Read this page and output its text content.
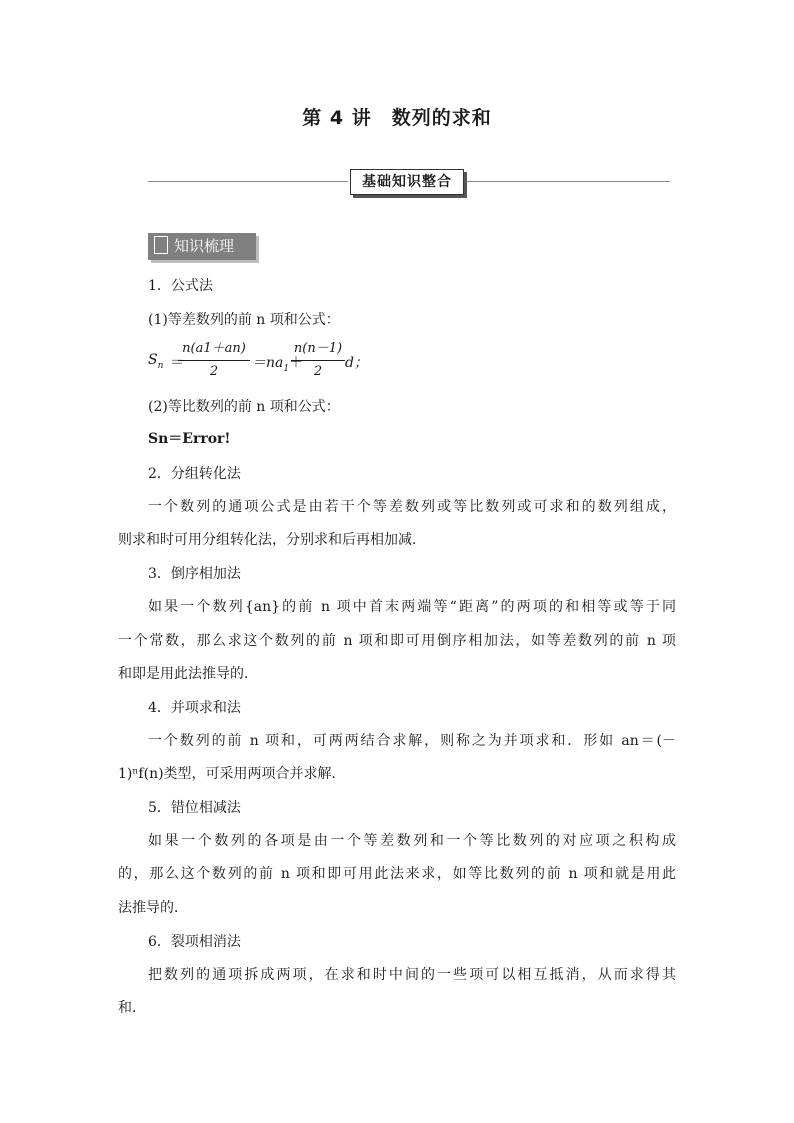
第 4 讲　数列的求和
基础知识整合
知识梳理
1．公式法
(1)等差数列的前 n 项和公式：
$S_n$ ＝
n(a1＋an)
2
$=na_1$ ＋
n(n－1)
2
d；
(2)等比数列的前 n 项和公式：
Sn＝Error!
2．分组转化法
一个数列的通项公式是由若干个等差数列或等比数列或可求和的数列组成，
则求和时可用分组转化法，分别求和后再相加减．
3．倒序相加法
如果一个数列{an}的前 n 项中首末两端等“距离”的两项的和相等或等于同
一个常数，那么求这个数列的前 n 项和即可用倒序相加法，如等差数列的前 n 项
和即是用此法推导的．
4．并项求和法
一个数列的前 n 项和，可两两结合求解，则称之为并项求和．形如 an＝(－
1)ⁿf(n)类型，可采用两项合并求解．
5．错位相减法
如果一个数列的各项是由一个等差数列和一个等比数列的对应项之积构成
的，那么这个数列的前 n 项和即可用此法来求，如等比数列的前 n 项和就是用此
法推导的．
6．裂项相消法
把数列的通项拆成两项，在求和时中间的一些项可以相互抵消，从而求得其
和．
